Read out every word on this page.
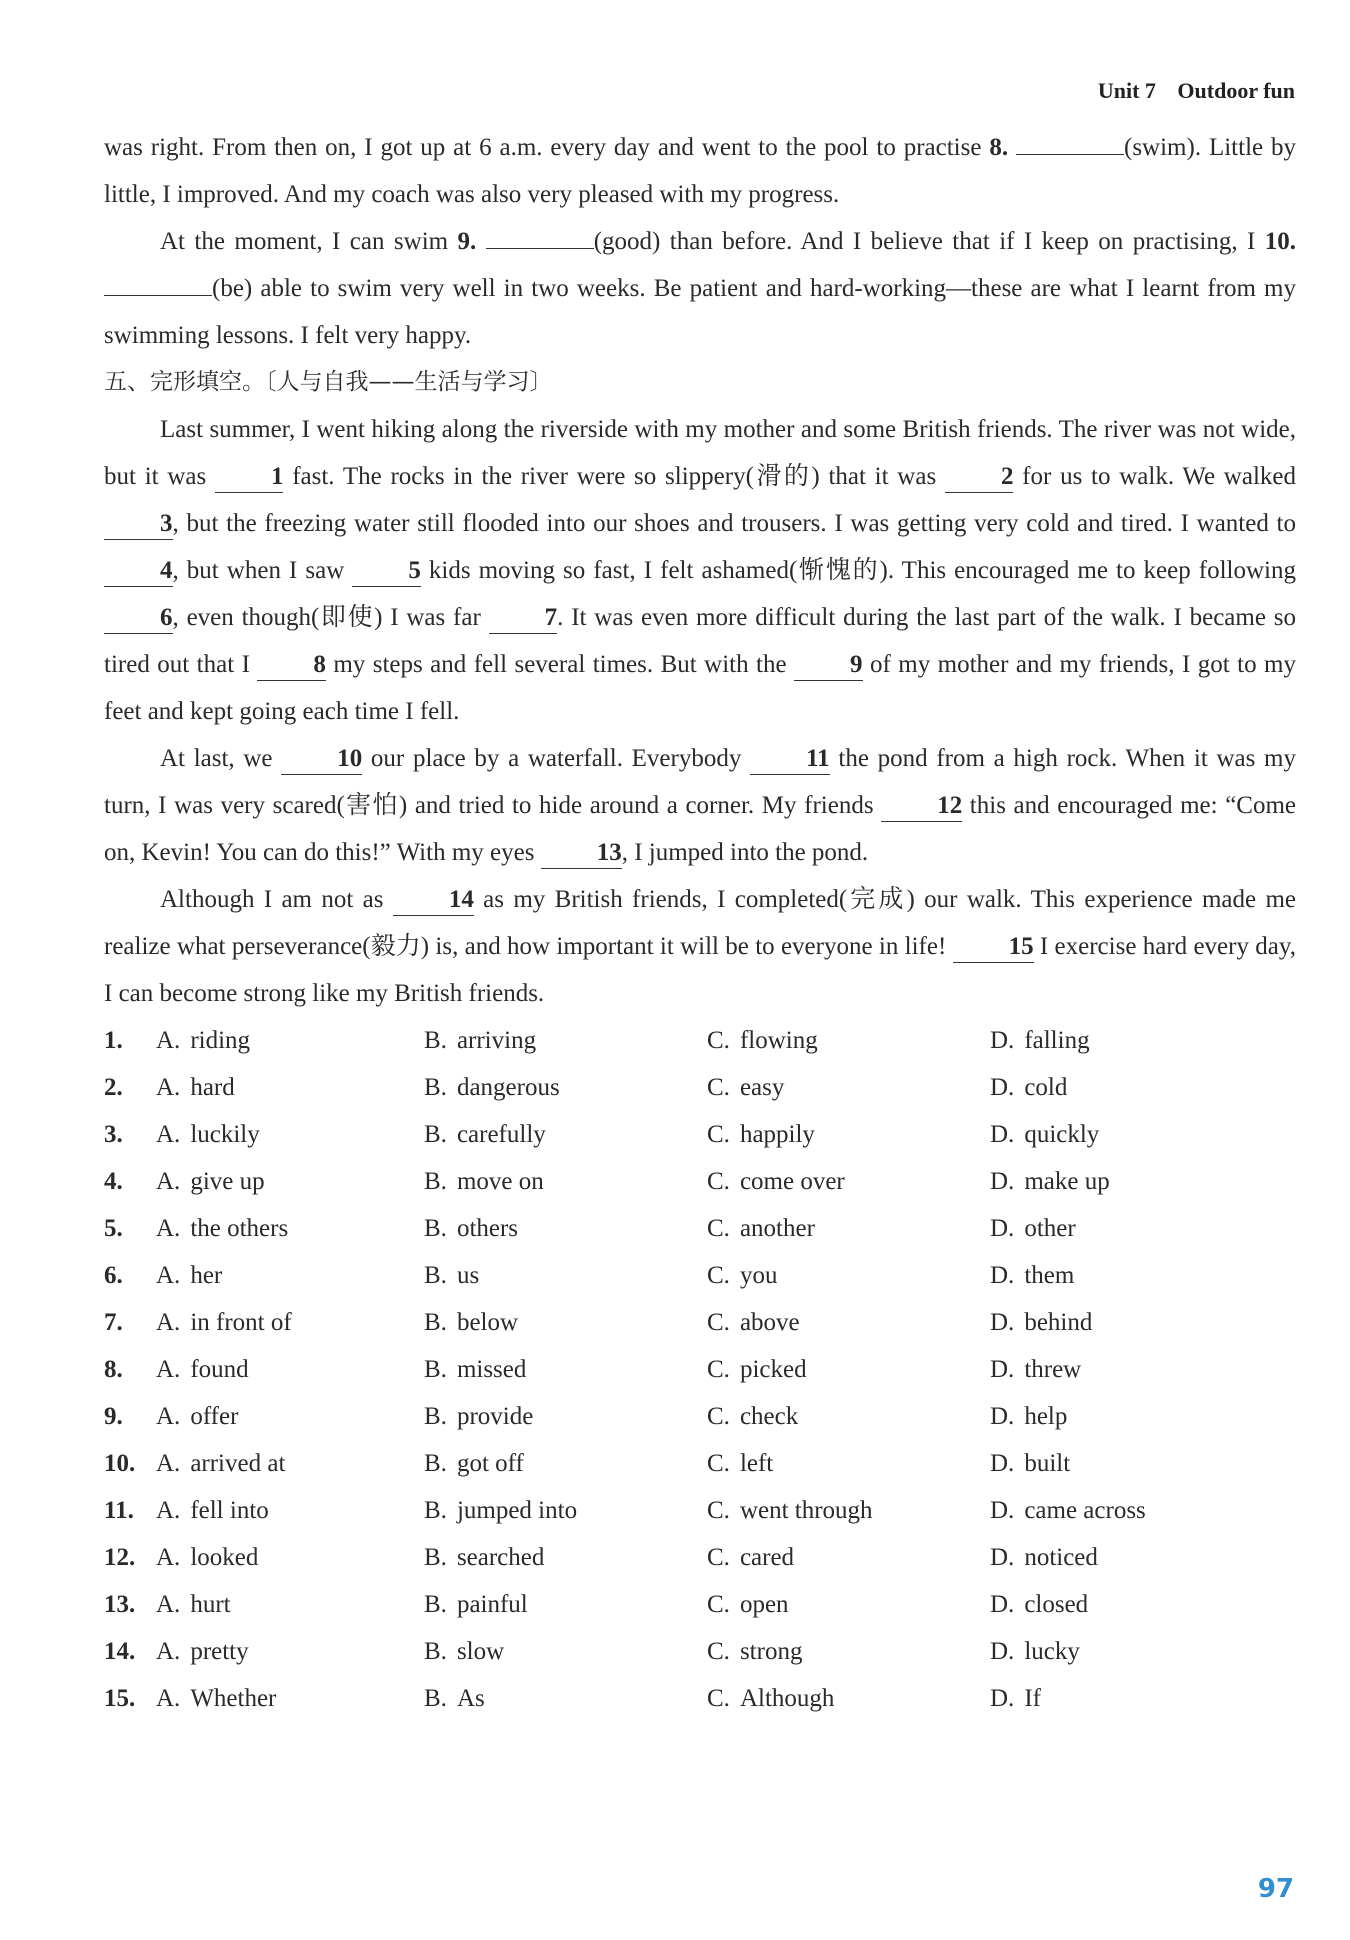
Unit 7 Outdoor fun

was right. From then on, I got up at 6 a.m. every day and went to the pool to practise 8.	(swim). Little by little, I improved. And my coach was also very pleased with my progress.

At the moment, I can swim 9.	(good) than before. And I believe that if I keep on practising, I 10. (be) able to swim very well in two weeks. Be patient and hard-working—these are what I learnt from my swimming lessons. I felt very happy.

五、完形填空。〔人与自我——生活与学习〕

Last summer, I went hiking along the riverside with my mother and some British friends. The river was not wide, but it was 1 fast. The rocks in the river were so slippery(滑的) that it was 2 for us to walk. We walked 3, but the freezing water still flooded into our shoes and trousers. I was getting very cold and tired. I wanted to 4, but when I saw 5 kids moving so fast, I felt ashamed(惭愧的). This encouraged me to keep following 6, even though(即使) I was far 7. It was even more difficult during the last part of the walk. I became so tired out that I 8 my steps and fell several times. But with the 9 of my mother and my friends, I got to my feet and kept going each time I fell.

At last, we 10 our place by a waterfall. Everybody 11 the pond from a high rock. When it was my turn, I was very scared(害怕) and tried to hide around a corner. My friends 12 this and encouraged me: “Come on, Kevin! You can do this!” With my eyes 13, I jumped into the pond.

Although I am not as 14 as my British friends, I completed(完成) our walk. This experience made me realize what perseverance(毅力) is, and how important it will be to everyone in life! 15 I exercise hard every day, I can become strong like my British friends.

1.	A. riding	B. arriving	C. flowing	D. falling
2.	A. hard	B. dangerous	C. easy	D. cold
3.	A. luckily	B. carefully	C. happily	D. quickly
4.	A. give up	B. move on	C. come over	D. make up
5.	A. the others	B. others	C. another	D. other
6.	A. her	B. us	C. you	D. them
7.	A. in front of	B. below	C. above	D. behind
8.	A. found	B. missed	C. picked	D. threw
9.	A. offer	B. provide	C. check	D. help
10. A. arrived at	B. got off	C. left	D. built
11. A. fell into	B. jumped into	C. went through	D. came across
12. A. looked	B. searched	C. cared	D. noticed
13. A. hurt	B. painful	C. open	D. closed
14. A. pretty	B. slow	C. strong	D. lucky
15. A. Whether	B. As	C. Although	D. If
97
